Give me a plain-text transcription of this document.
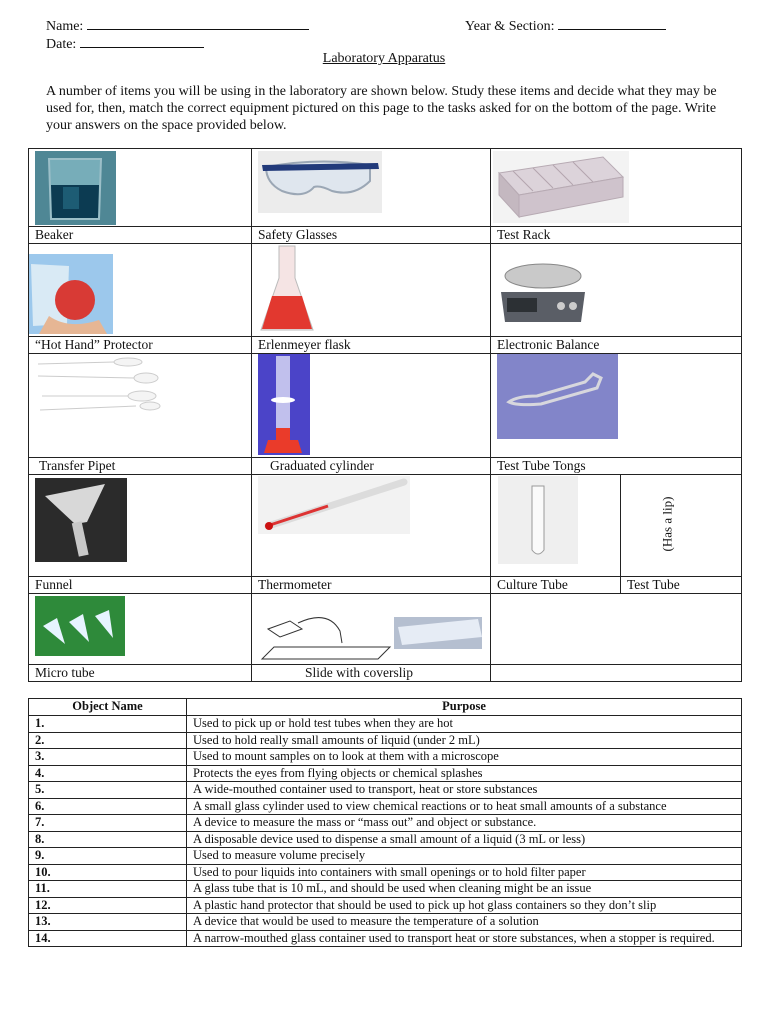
Name:	Year & Section:
Date:
Laboratory Apparatus
A number of items you will be using in the laboratory are shown below. Study these items and decide what they may be used for, then, match the correct equipment pictured on this page to the tasks asked for on the bottom of the page. Write your answers on the space provided below.
Beaker	Safety Glasses	Test Rack
“Hot Hand” Protector	Erlenmeyer flask	Electronic Balance
Transfer Pipet	Graduated cylinder	Test Tube Tongs
(Has a lip)
Funnel	Thermometer	Culture Tube	Test Tube
Micro tube	Slide with coverslip
Object Name	Purpose
1.	Used to pick up or hold test tubes when they are hot
2.	Used to hold really small amounts of liquid (under 2 mL)
3.	Used to mount samples on to look at them with a microscope
4.	Protects the eyes from flying objects or chemical splashes
5.	A wide-mouthed container used to transport, heat or store substances
6.	A small glass cylinder used to view chemical reactions or to heat small amounts of a substance
7.	A device to measure the mass or “mass out” and object or substance.
8.	A disposable device used to dispense a small amount of a liquid (3 mL or less)
9.	Used to measure volume precisely
10.	Used to pour liquids into containers with small openings or to hold filter paper
11.	A glass tube that is 10 mL, and should be used when cleaning might be an issue
12.	A plastic hand protector that should be used to pick up hot glass containers so they don’t slip
13.	A device that would be used to measure the temperature of a solution
14.	A narrow-mouthed glass container used to transport heat or store substances, when a stopper is required.
